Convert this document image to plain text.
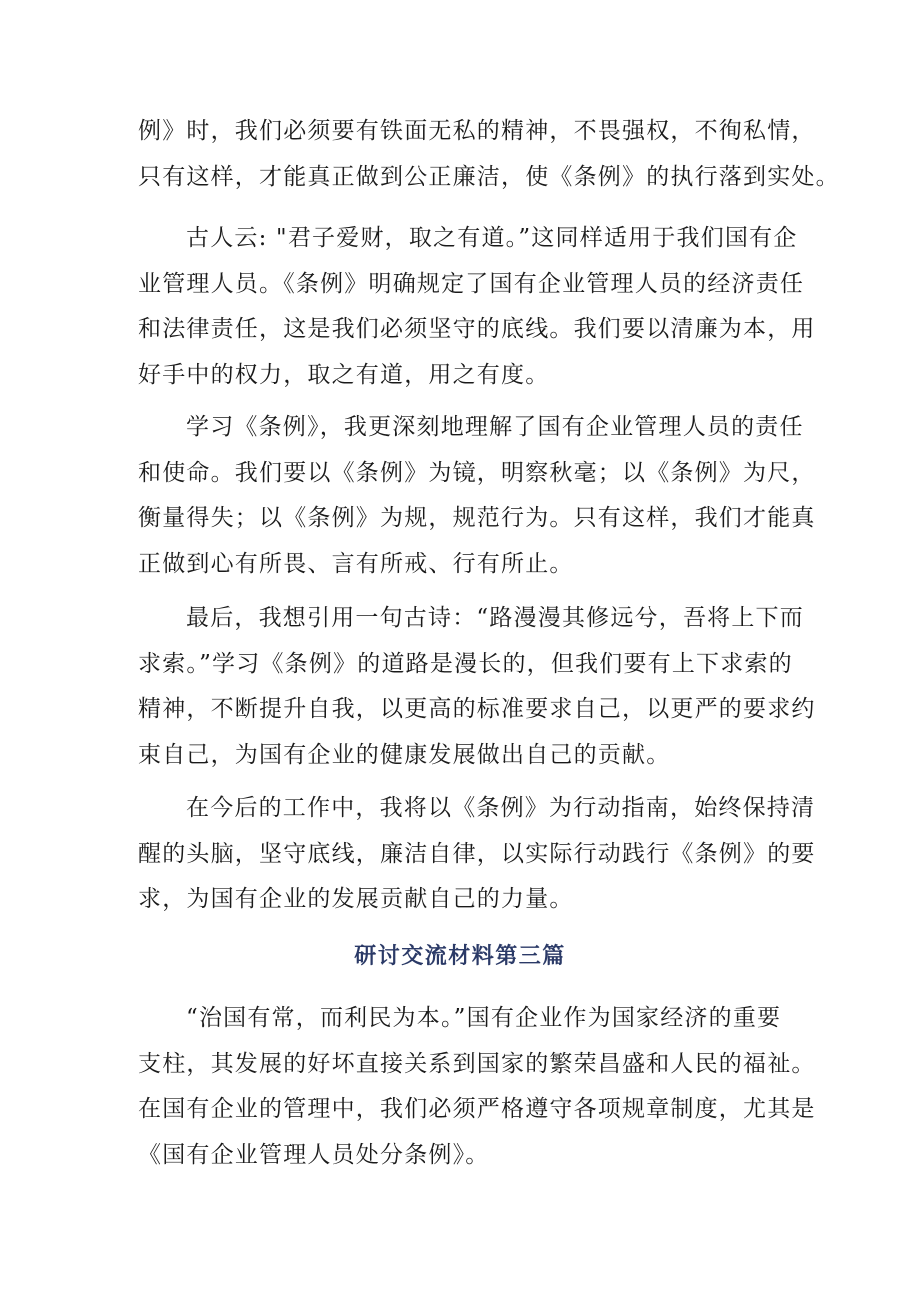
例》时，我们必须要有铁面无私的精神，不畏强权，不徇私情，
只有这样，才能真正做到公正廉洁，使《条例》的执行落到实处。

古人云: "君子爱财，取之有道。”这同样适用于我们国有企
业管理人员。《条例》明确规定了国有企业管理人员的经济责任
和法律责任，这是我们必须坚守的底线。我们要以清廉为本，用
好手中的权力，取之有道，用之有度。

学习《条例》，我更深刻地理解了国有企业管理人员的责任
和使命。我们要以《条例》为镜，明察秋毫；以《条例》为尺，
衡量得失；以《条例》为规，规范行为。只有这样，我们才能真
正做到心有所畏、言有所戒、行有所止。

最后，我想引用一句古诗：“路漫漫其修远兮，吾将上下而
求索。”学习《条例》的道路是漫长的，但我们要有上下求索的
精神，不断提升自我，以更高的标准要求自己，以更严的要求约
束自己，为国有企业的健康发展做出自己的贡献。

在今后的工作中，我将以《条例》为行动指南，始终保持清
醒的头脑，坚守底线，廉洁自律，以实际行动践行《条例》的要
求，为国有企业的发展贡献自己的力量。

研讨交流材料第三篇

“治国有常，而利民为本。”国有企业作为国家经济的重要
支柱，其发展的好坏直接关系到国家的繁荣昌盛和人民的福祉。
在国有企业的管理中，我们必须严格遵守各项规章制度，尤其是
《国有企业管理人员处分条例》。
